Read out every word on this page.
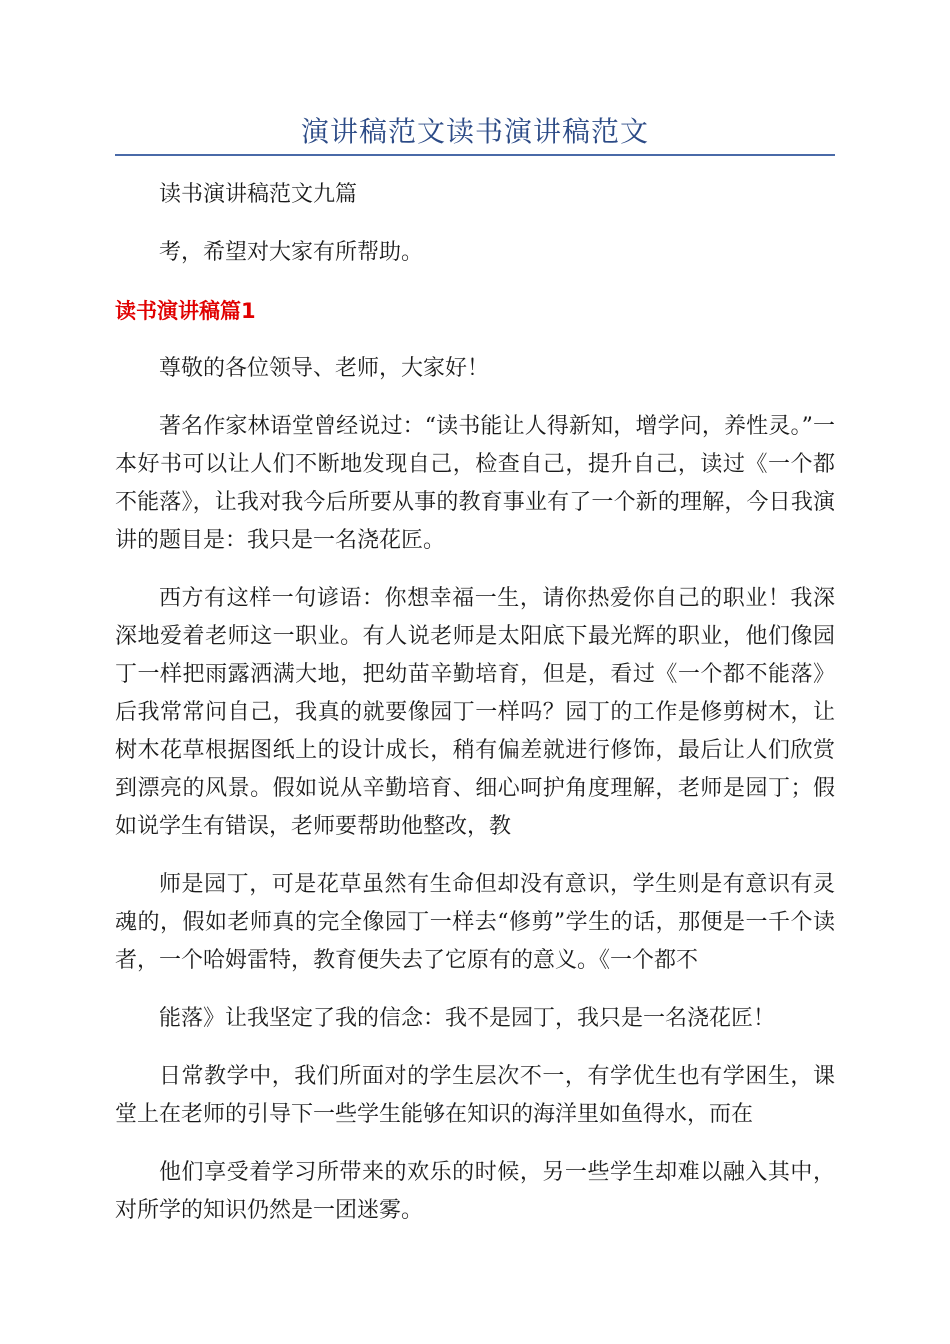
演讲稿范文读书演讲稿范文

读书演讲稿范文九篇

考，希望对大家有所帮助。

读书演讲稿篇1

尊敬的各位领导、老师，大家好！

著名作家林语堂曾经说过：“读书能让人得新知，增学问，养性灵。”一本好书可以让人们不断地发现自己，检查自己，提升自己，读过《一个都不能落》，让我对我今后所要从事的教育事业有了一个新的理解，今日我演讲的题目是：我只是一名浇花匠。

西方有这样一句谚语：你想幸福一生，请你热爱你自己的职业！我深深地爱着老师这一职业。有人说老师是太阳底下最光辉的职业，他们像园丁一样把雨露洒满大地，把幼苗辛勤培育，但是，看过《一个都不能落》后我常常问自己，我真的就要像园丁一样吗？园丁的工作是修剪树木，让树木花草根据图纸上的设计成长，稍有偏差就进行修饰，最后让人们欣赏到漂亮的风景。假如说从辛勤培育、细心呵护角度理解，老师是园丁；假如说学生有错误，老师要帮助他整改，教

师是园丁，可是花草虽然有生命但却没有意识，学生则是有意识有灵魂的，假如老师真的完全像园丁一样去“修剪”学生的话，那便是一千个读者，一个哈姆雷特，教育便失去了它原有的意义。《一个都不

能落》让我坚定了我的信念：我不是园丁，我只是一名浇花匠！

日常教学中，我们所面对的学生层次不一，有学优生也有学困生，课堂上在老师的引导下一些学生能够在知识的海洋里如鱼得水，而在

他们享受着学习所带来的欢乐的时候，另一些学生却难以融入其中，对所学的知识仍然是一团迷雾。
